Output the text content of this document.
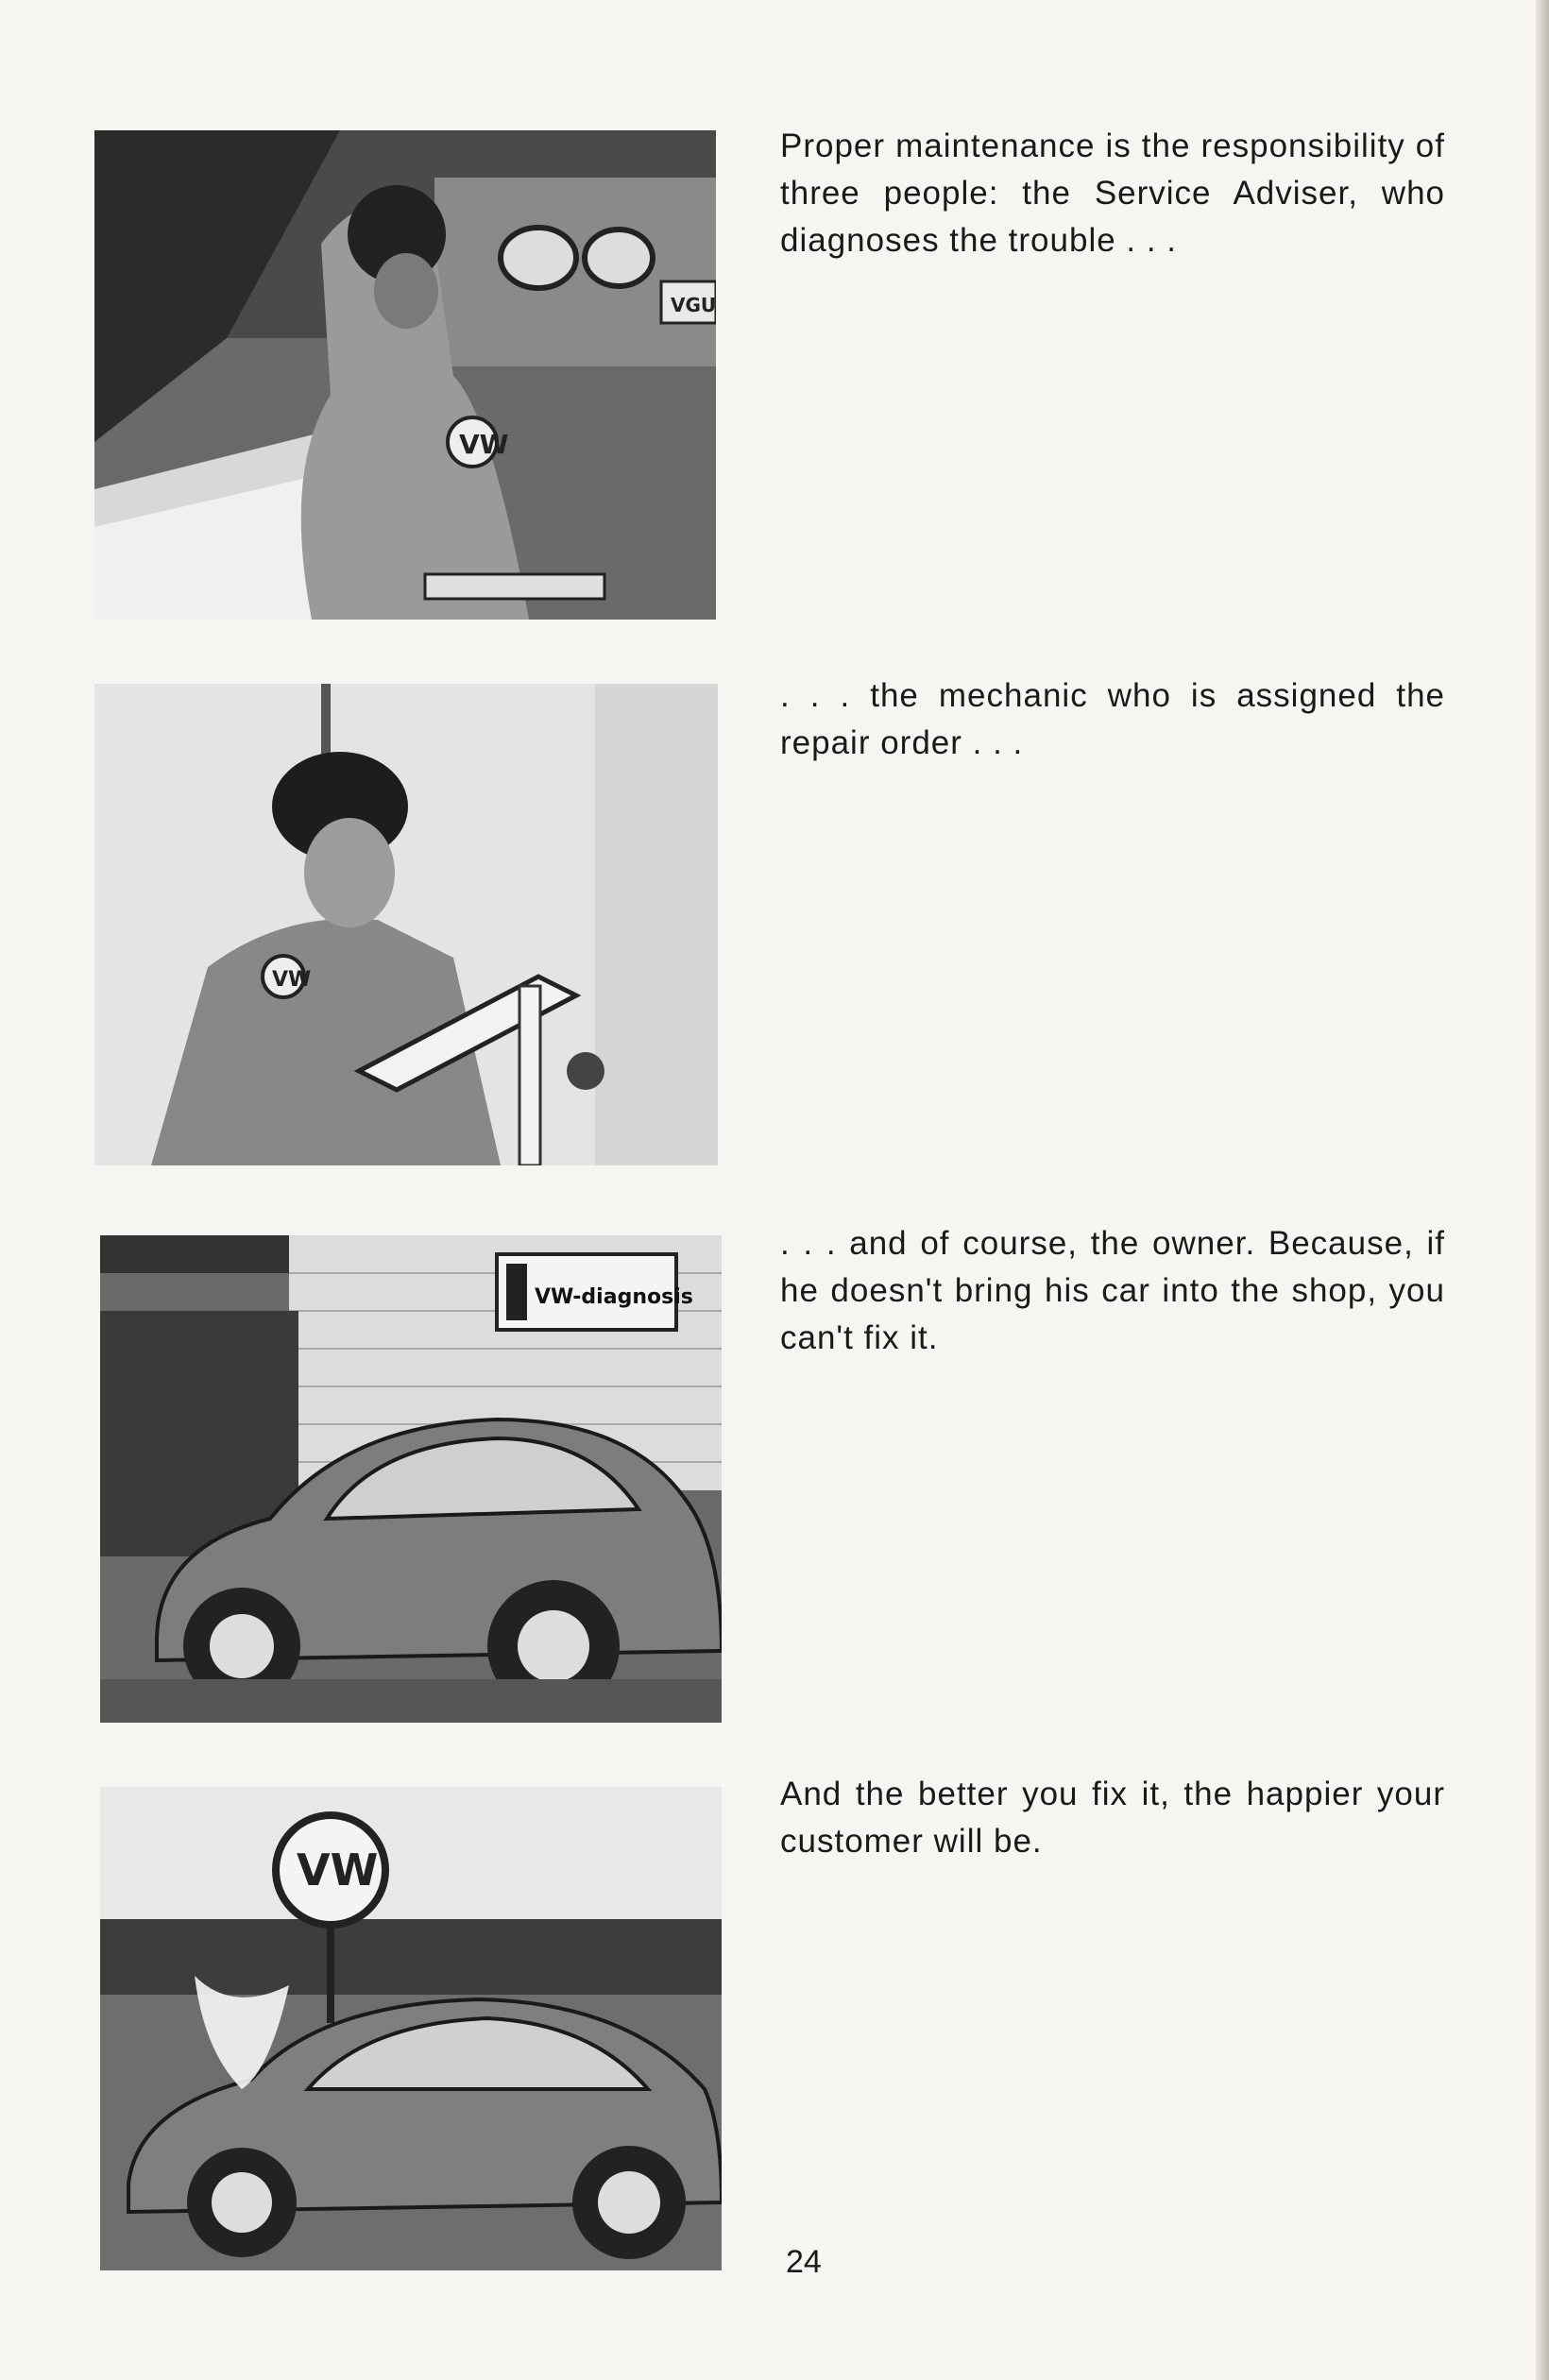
VGU
VW
VW
VW-diagnosis
VW

Proper maintenance is the responsibility of three people: the Service Adviser, who diagnoses the trouble . . .

. . . the mechanic who is assigned the repair order . . .

. . . and of course, the owner. Because, if he doesn't bring his car into the shop, you can't fix it.

And the better you fix it, the happier your customer will be.

24
